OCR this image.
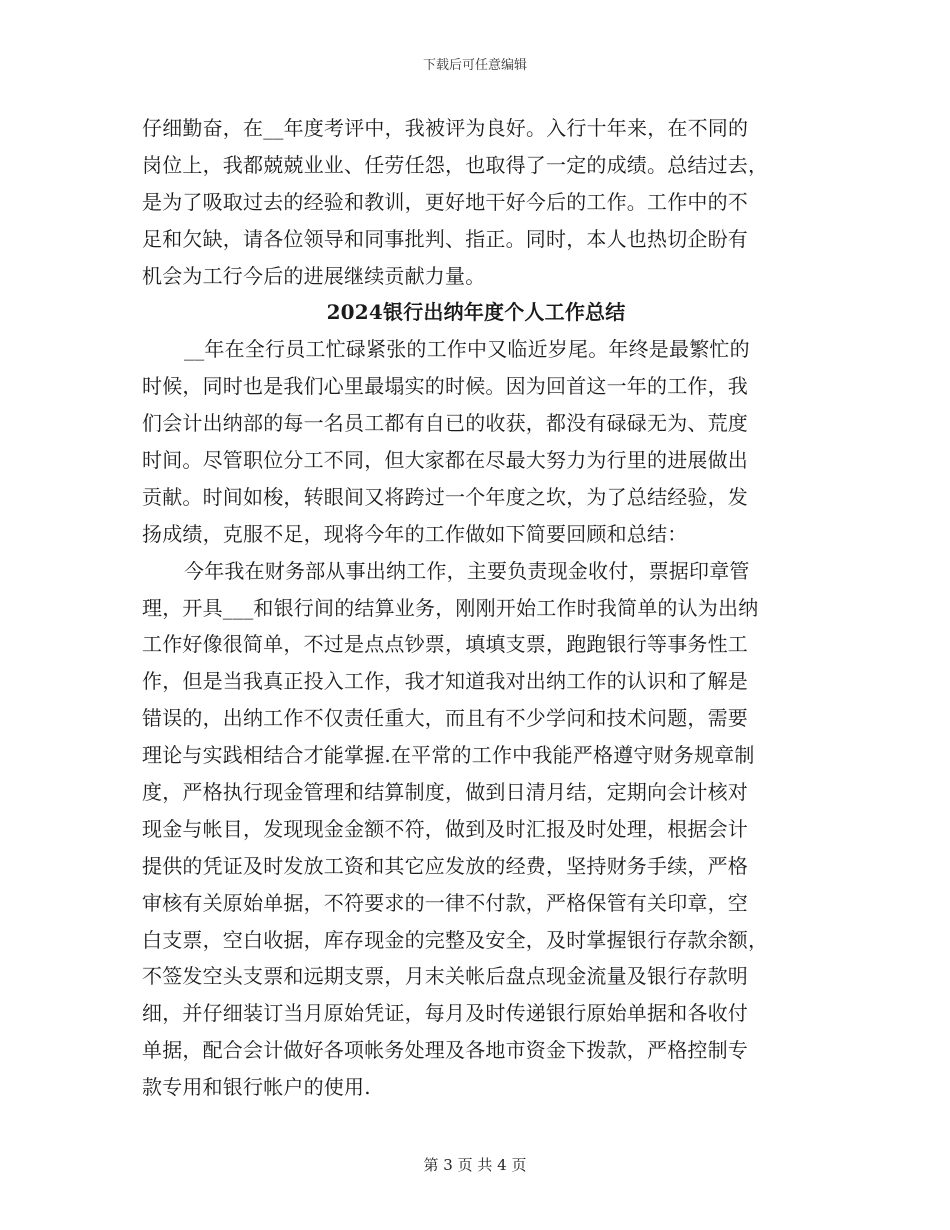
下载后可任意编辑
仔细勤奋，在__年度考评中，我被评为良好。入行十年来，在不同的
岗位上，我都兢兢业业、任劳任怨，也取得了一定的成绩。总结过去，
是为了吸取过去的经验和教训，更好地干好今后的工作。工作中的不
足和欠缺，请各位领导和同事批判、指正。同时，本人也热切企盼有
机会为工行今后的进展继续贡献力量。
2024银行出纳年度个人工作总结
__年在全行员工忙碌紧张的工作中又临近岁尾。年终是最繁忙的
时候，同时也是我们心里最塌实的时候。因为回首这一年的工作，我
们会计出纳部的每一名员工都有自已的收获，都没有碌碌无为、荒度
时间。尽管职位分工不同，但大家都在尽最大努力为行里的进展做出
贡献。时间如梭，转眼间又将跨过一个年度之坎，为了总结经验，发
扬成绩，克服不足，现将今年的工作做如下简要回顾和总结：
今年我在财务部从事出纳工作，主要负责现金收付，票据印章管
理，开具___和银行间的结算业务，刚刚开始工作时我简单的认为出纳
工作好像很简单，不过是点点钞票，填填支票，跑跑银行等事务性工
作，但是当我真正投入工作，我才知道我对出纳工作的认识和了解是
错误的，出纳工作不仅责任重大，而且有不少学问和技术问题，需要
理论与实践相结合才能掌握.在平常的工作中我能严格遵守财务规章制
度，严格执行现金管理和结算制度，做到日清月结，定期向会计核对
现金与帐目，发现现金金额不符，做到及时汇报及时处理，根据会计
提供的凭证及时发放工资和其它应发放的经费，坚持财务手续，严格
审核有关原始单据，不符要求的一律不付款，严格保管有关印章，空
白支票，空白收据，库存现金的完整及安全，及时掌握银行存款余额，
不签发空头支票和远期支票，月末关帐后盘点现金流量及银行存款明
细，并仔细装订当月原始凭证，每月及时传递银行原始单据和各收付
单据，配合会计做好各项帐务处理及各地市资金下拨款，严格控制专
款专用和银行帐户的使用.
第 3 页 共 4 页
